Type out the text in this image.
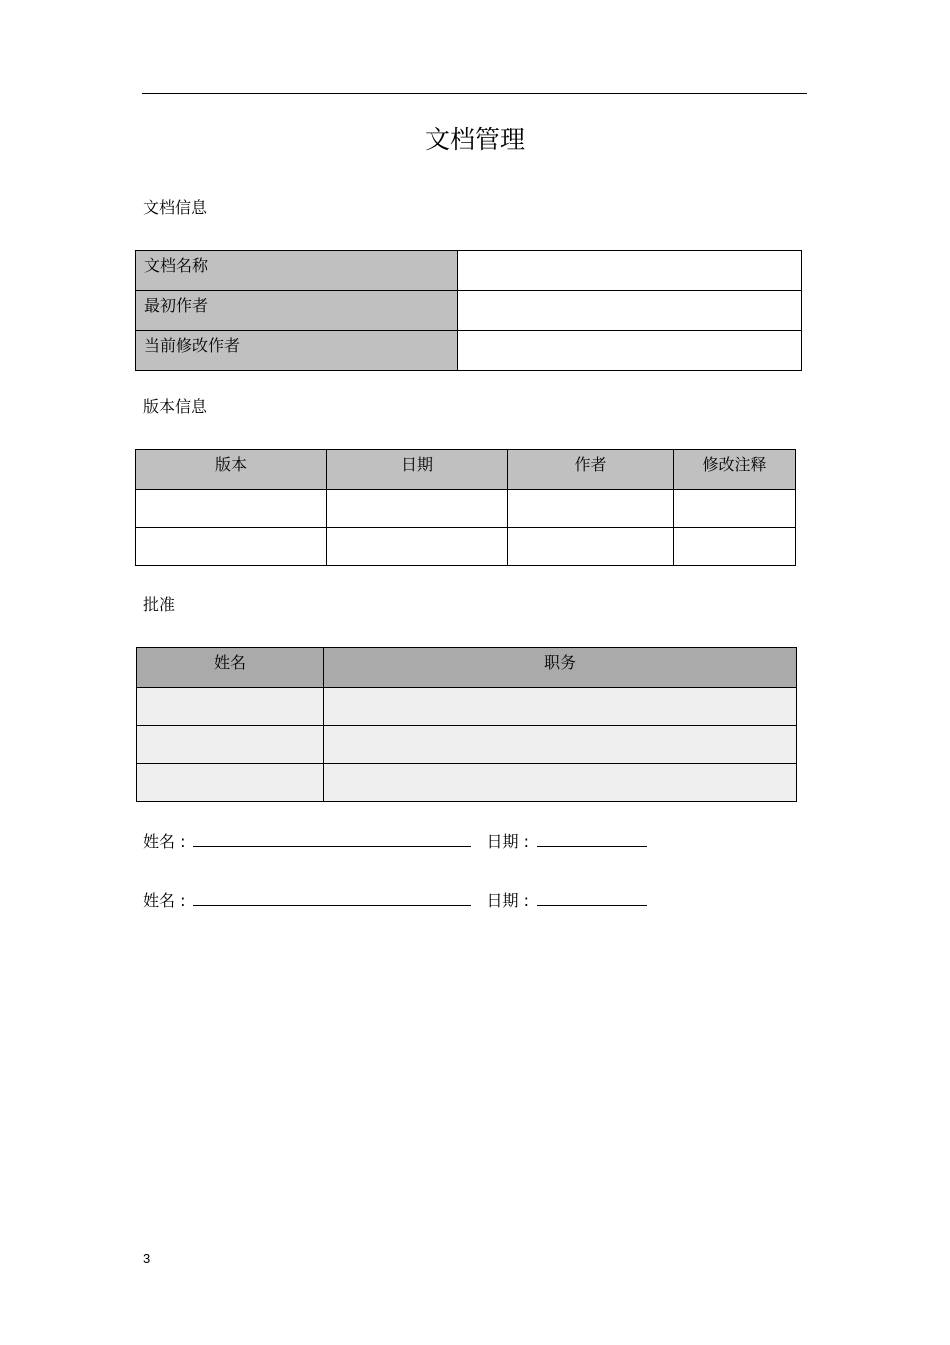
文档管理
文档信息
文档名称	
最初作者	
当前修改作者	
版本信息
版本	日期	作者	修改注释

批准
姓名	职务

姓名 :	日期 :
姓名 :	日期 :
3
